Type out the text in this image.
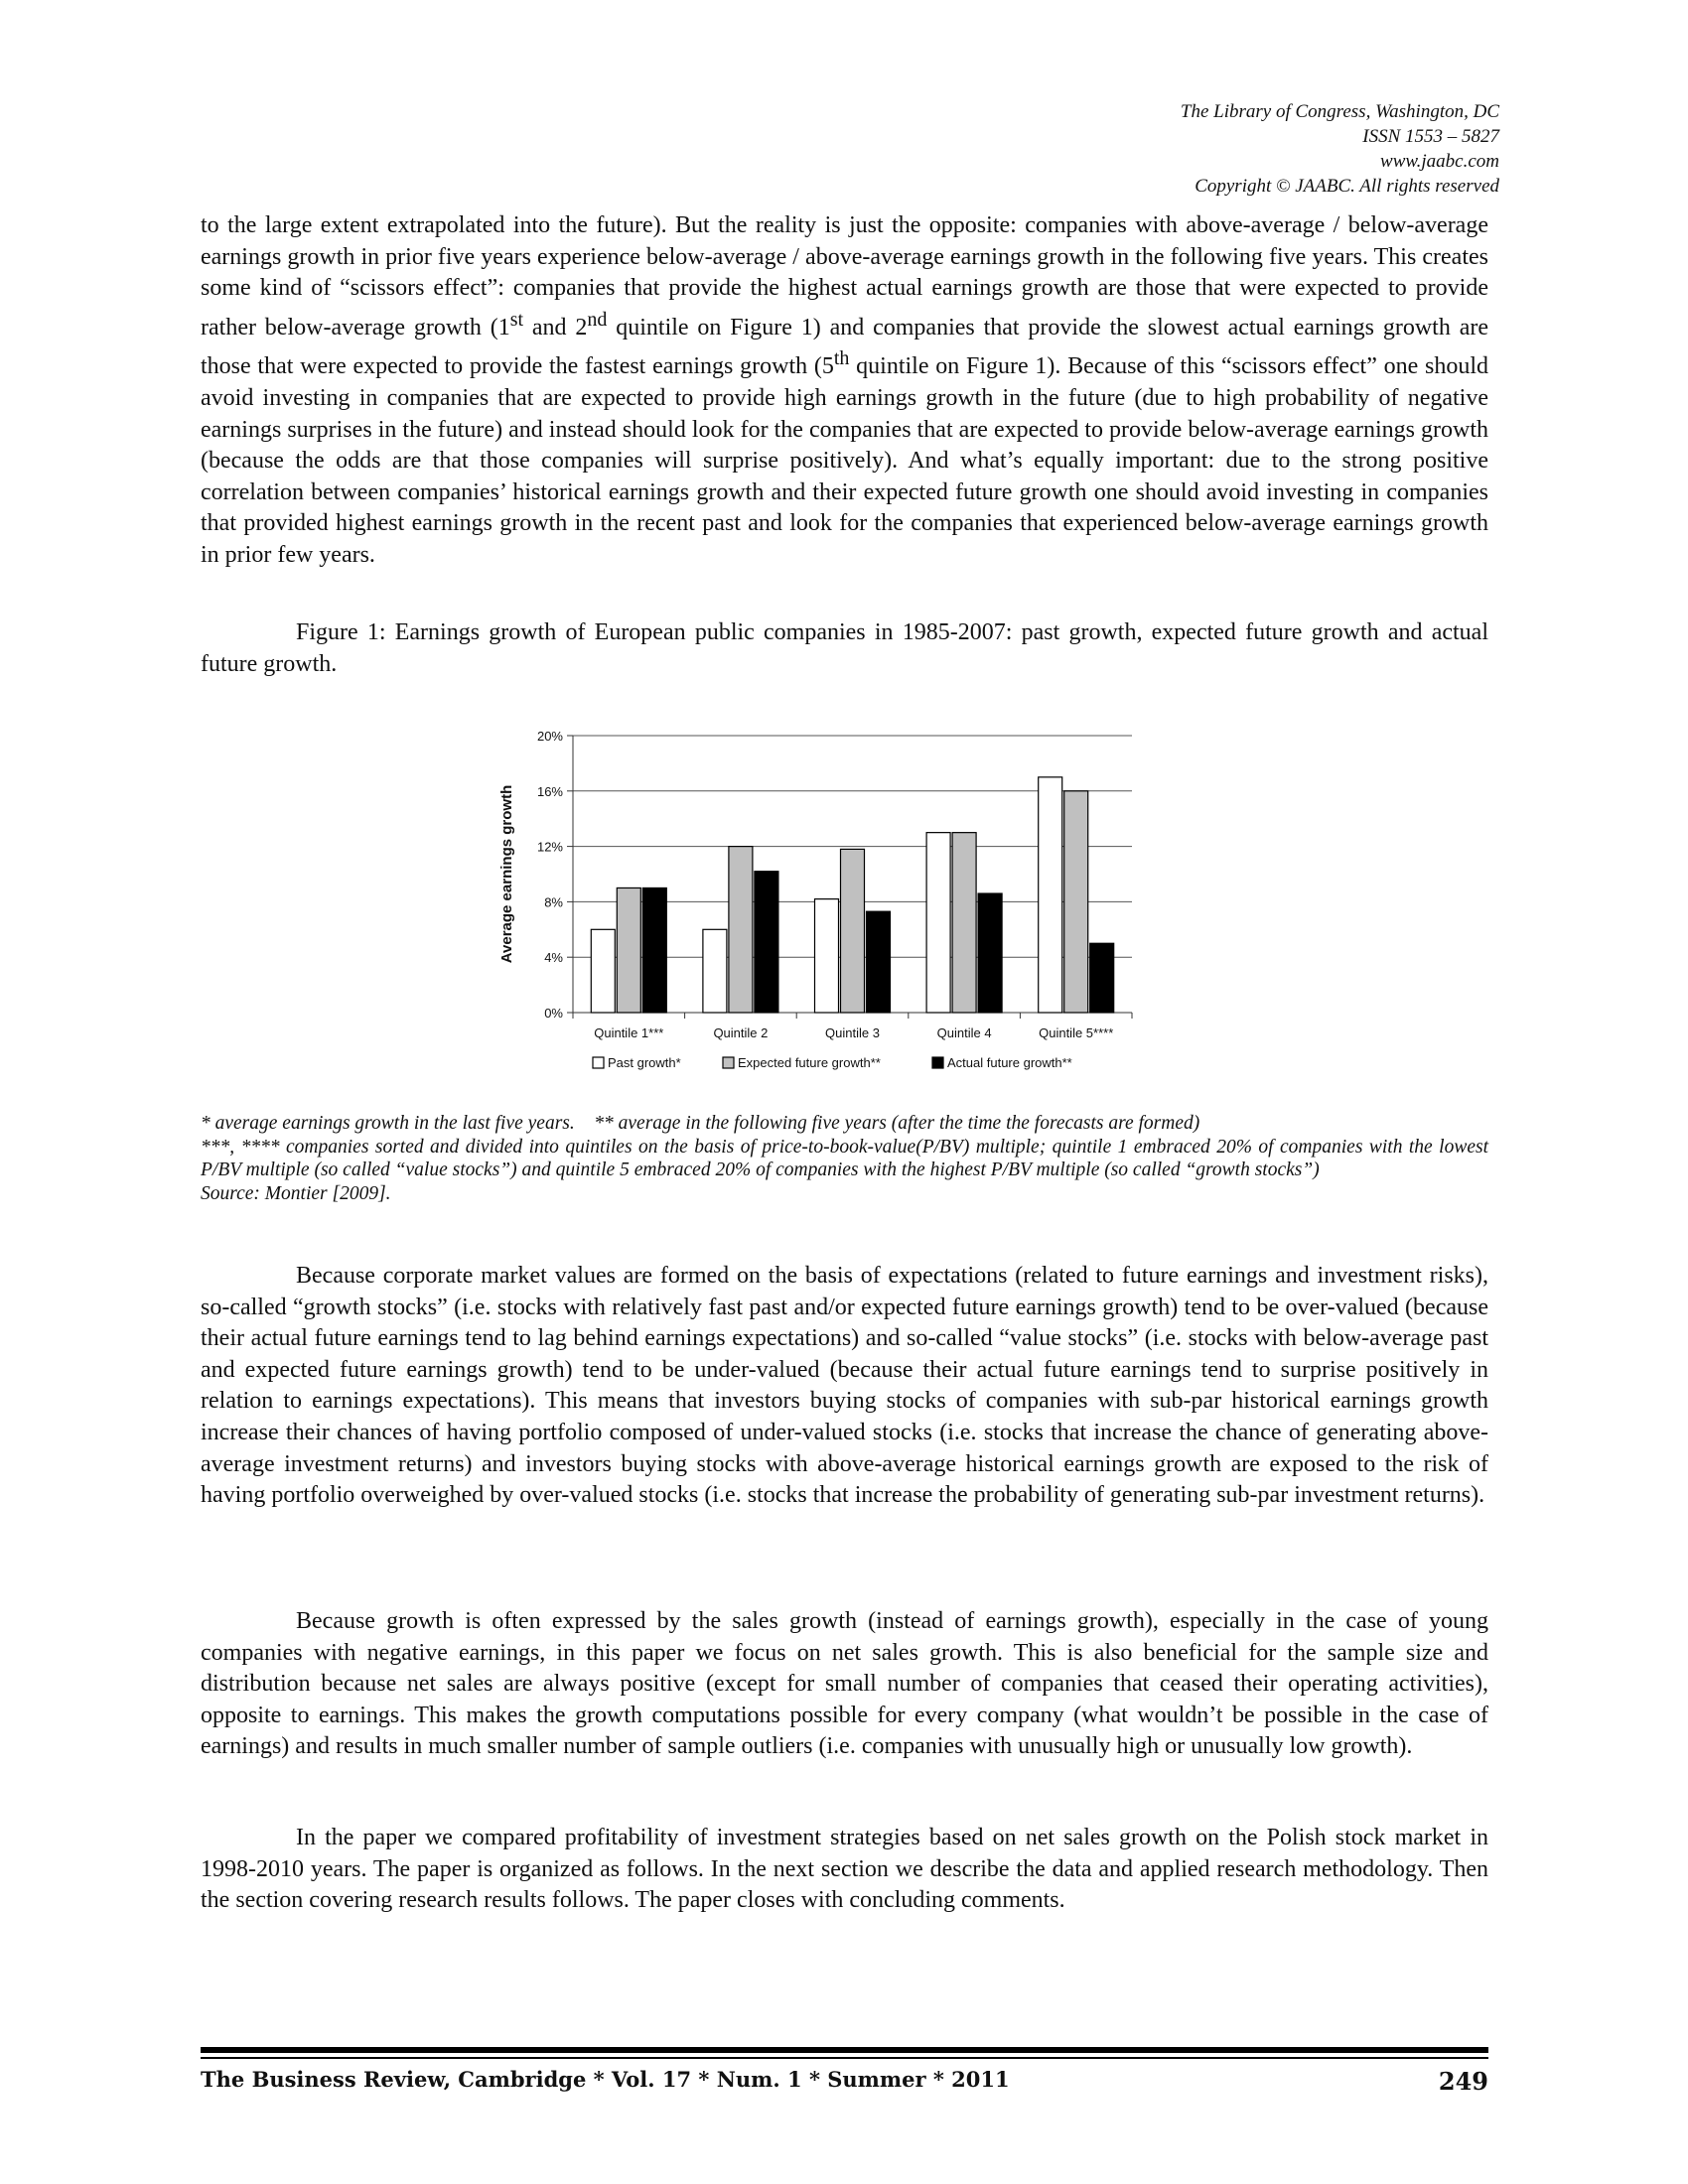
The Library of Congress, Washington, DC
ISSN 1553 – 5827
www.jaabc.com
Copyright © JAABC. All rights reserved

to the large extent extrapolated into the future). But the reality is just the opposite: companies with above-average / below-average earnings growth in prior five years experience below-average / above-average earnings growth in the following five years. This creates some kind of “scissors effect”: companies that provide the highest actual earnings growth are those that were expected to provide rather below-average growth (1st and 2nd quintile on Figure 1) and companies that provide the slowest actual earnings growth are those that were expected to provide the fastest earnings growth (5th quintile on Figure 1). Because of this “scissors effect” one should avoid investing in companies that are expected to provide high earnings growth in the future (due to high probability of negative earnings surprises in the future) and instead should look for the companies that are expected to provide below-average earnings growth (because the odds are that those companies will surprise positively). And what’s equally important: due to the strong positive correlation between companies’ historical earnings growth and their expected future growth one should avoid investing in companies that provided highest earnings growth in the recent past and look for the companies that experienced below-average earnings growth in prior few years.

Figure 1: Earnings growth of European public companies in 1985-2007: past growth, expected future growth and actual future growth.

0%
4%
8%
12%
16%
20%
Quintile 1***	Quintile 2	Quintile 3	Quintile 4	Quintile 5****
Average earnings growth
Past growth*	Expected future growth**	Actual future growth**

* average earnings growth in the last five years. ** average in the following five years (after the time the forecasts are formed)

***, **** companies sorted and divided into quintiles on the basis of price-to-book-value(P/BV) multiple; quintile 1 embraced 20% of companies with the lowest P/BV multiple (so called “value stocks”) and quintile 5 embraced 20% of companies with the highest P/BV multiple (so called “growth stocks”)

Source: Montier [2009].

Because corporate market values are formed on the basis of expectations (related to future earnings and investment risks), so-called “growth stocks” (i.e. stocks with relatively fast past and/or expected future earnings growth) tend to be over-valued (because their actual future earnings tend to lag behind earnings expectations) and so-called “value stocks” (i.e. stocks with below-average past and expected future earnings growth) tend to be under-valued (because their actual future earnings tend to surprise positively in relation to earnings expectations). This means that investors buying stocks of companies with sub-par historical earnings growth increase their chances of having portfolio composed of under-valued stocks (i.e. stocks that increase the chance of generating above-average investment returns) and investors buying stocks with above-average historical earnings growth are exposed to the risk of having portfolio overweighed by over-valued stocks (i.e. stocks that increase the probability of generating sub-par investment returns).

Because growth is often expressed by the sales growth (instead of earnings growth), especially in the case of young companies with negative earnings, in this paper we focus on net sales growth. This is also beneficial for the sample size and distribution because net sales are always positive (except for small number of companies that ceased their operating activities), opposite to earnings. This makes the growth computations possible for every company (what wouldn’t be possible in the case of earnings) and results in much smaller number of sample outliers (i.e. companies with unusually high or unusually low growth).

In the paper we compared profitability of investment strategies based on net sales growth on the Polish stock market in 1998-2010 years. The paper is organized as follows. In the next section we describe the data and applied research methodology. Then the section covering research results follows. The paper closes with concluding comments.

The Business Review, Cambridge * Vol. 17 * Num. 1 * Summer * 2011	249
